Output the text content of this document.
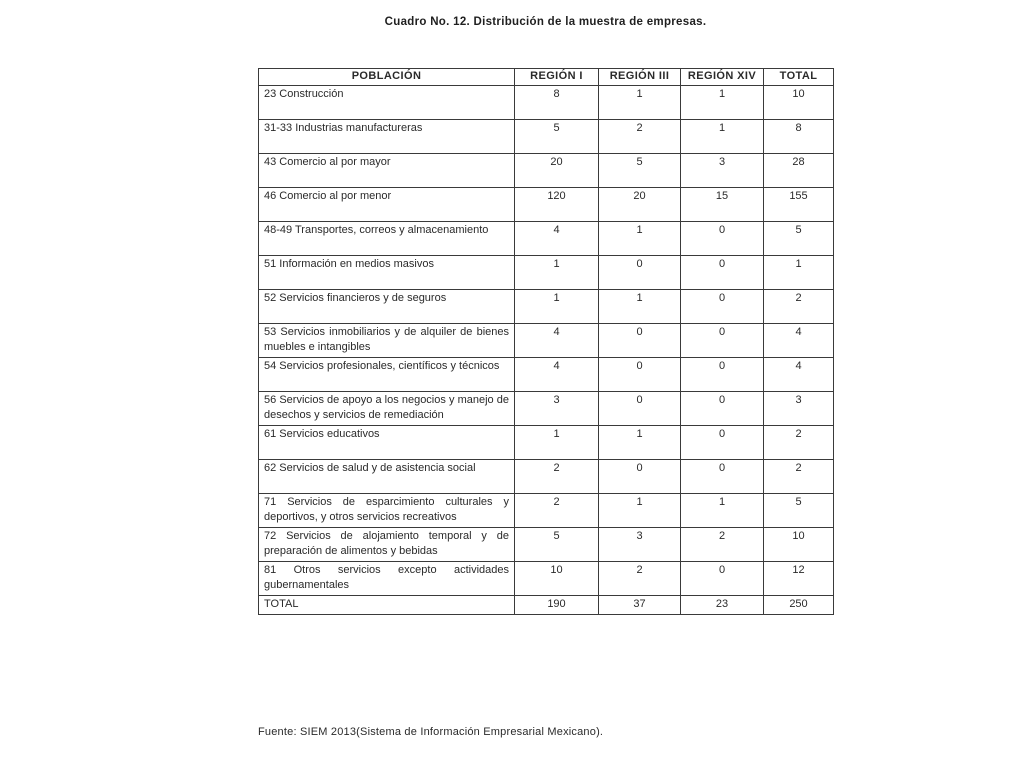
Cuadro No. 12. Distribución de la muestra de empresas.
POBLACIÓN	REGIÓN I	REGIÓN III	REGIÓN XIV	TOTAL
23 Construcción	8	1	1	10
31-33 Industrias manufactureras	5	2	1	8
43 Comercio al por mayor	20	5	3	28
46 Comercio al por menor	120	20	15	155
48-49 Transportes, correos y almacenamiento	4	1	0	5
51 Información en medios masivos	1	0	0	1
52 Servicios financieros y de seguros	1	1	0	2
53 Servicios inmobiliarios y de alquiler de bienes muebles e intangibles	4	0	0	4
54 Servicios profesionales, científicos y técnicos	4	0	0	4
56 Servicios de apoyo a los negocios y manejo de desechos y servicios de remediación	3	0	0	3
61 Servicios educativos	1	1	0	2
62 Servicios de salud y de asistencia social	2	0	0	2
71 Servicios de esparcimiento culturales y deportivos, y otros servicios recreativos	2	1	1	5
72 Servicios de alojamiento temporal y de preparación de alimentos y bebidas	5	3	2	10
81 Otros servicios excepto actividades gubernamentales	10	2	0	12
TOTAL	190	37	23	250
Fuente: SIEM 2013(Sistema de Información Empresarial Mexicano).
